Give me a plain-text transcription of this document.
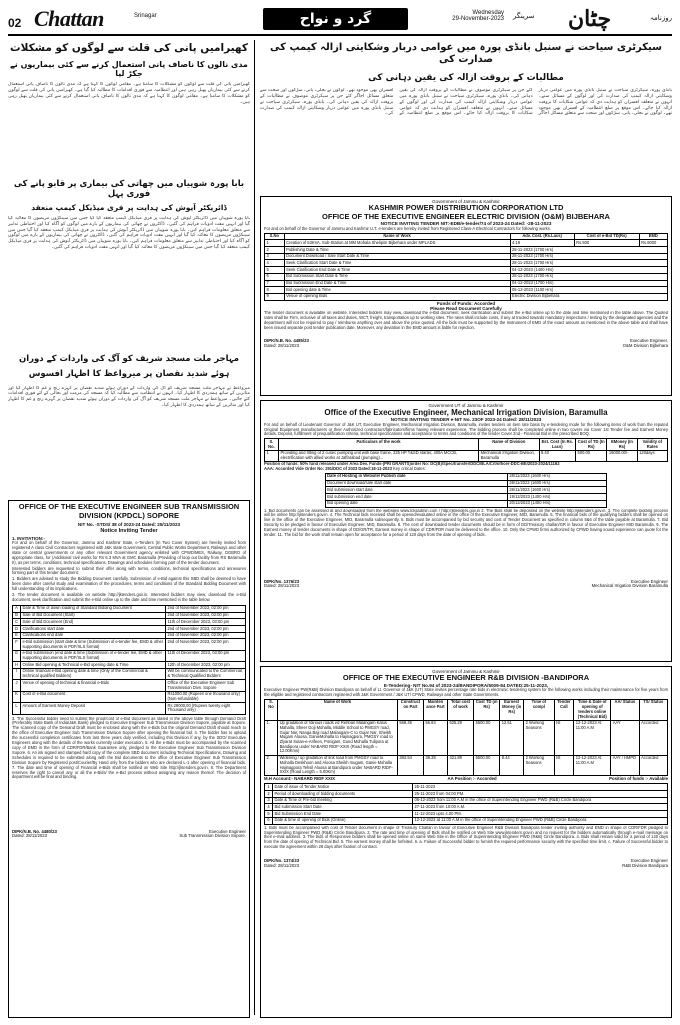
02 Chattan	Srinagar	گرد و نواح	Wednesday
29-November-2023 سرینگر چٹان	روزنامہ
کھیرامیں پانی کی قلت سے لوگوں کو مشکلات
مدی نالوں کا ناصاف پانی استعمال کرنے سے کئی بیماریوں نے جکڑ لیا
کھیرامیں پانی کی قلت سے لوگوں کو مشکلات کا سامنا ہے۔ مقامی لوگوں کا کہنا ہے کہ مدی نالوں کا ناصاف پانی استعمال کرنے سے کئی بیماریاں پھیل رہی ہیں اور انتظامیہ سے فوری اقدامات کا مطالبہ کیا گیا ہے۔ کھیرامیں پانی کی قلت سے لوگوں کو مشکلات کا سامنا ہے۔ مقامی لوگوں کا کہنا ہے کہ مدی نالوں کا ناصاف پانی استعمال کرنے سے کئی بیماریاں پھیل رہی ہیں۔
بابا پورہ شوپیاں میں چھاتی کی بیماری پر قابو پانے کی فوری پہل
ڈائریکٹر آیوش کی ہدایت پر فری میڈیکل کیمپ منعقد
بابا پورہ شوپیاں میں ڈائریکٹر آیوش کی ہدایت پر فری میڈیکل کیمپ منعقد کیا گیا جس میں سینکڑوں مریضوں کا معائنہ کیا گیا اور انہیں مفت ادویات فراہم کی گئیں۔ ڈاکٹروں نے چھاتی کی بیماریوں کے بارے میں لوگوں کو آگاہ کیا اور احتیاطی تدابیر سے متعلق معلومات فراہم کیں۔ بابا پورہ شوپیاں میں ڈائریکٹر آیوش کی ہدایت پر فری میڈیکل کیمپ منعقد کیا گیا جس میں سینکڑوں مریضوں کا معائنہ کیا گیا اور انہیں مفت ادویات فراہم کی گئیں۔ ڈاکٹروں نے چھاتی کی بیماریوں کے بارے میں لوگوں کو آگاہ کیا اور احتیاطی تدابیر سے متعلق معلومات فراہم کیں۔ بابا پورہ شوپیاں میں ڈائریکٹر آیوش کی ہدایت پر فری میڈیکل کیمپ منعقد کیا گیا جس میں سینکڑوں مریضوں کا معائنہ کیا گیا اور انہیں مفت ادویات فراہم کی گئیں۔
مہاجر ملت مسجد شریف کو آگ کی واردات کے دوران
ہوئے شدید نقصان پر میرواعظ کا اظہار افسوس
میرواعظ نے مہاجر ملت مسجد شریف کو آگ کی واردات کے دوران ہوئے شدید نقصان پر گہرے رنج و غم کا اظہار کیا اور متاثرین کے ساتھ ہمدردی کا اظہار کیا۔ انہوں نے انتظامیہ سے مطالبہ کیا کہ مسجد کی مرمت اور بحالی کے لئے فوری اقدامات کئے جائیں۔ میرواعظ نے مہاجر ملت مسجد شریف کو آگ کی واردات کے دوران ہوئے شدید نقصان پر گہرے رنج و غم کا اظہار کیا اور متاثرین کے ساتھ ہمدردی کا اظہار کیا۔
OFFICE OF THE EXECUTIVE ENGINEER SUB TRANSMISSION DIVISION (KPDCL) SOPORE
NIT No. -STDS/ 38 of 2023-24 Dated: 25/11/2023
Notice Inviting Tender
1. INVITATION:-
For and on behalf of the Governor, Jammu and Kashmir State, e-Tenders (In Two Cover System) are hereby invited from registered A class Civil Contractors registered with J&K state Government, Central Public Works Department, Railways and other state or central governments or any other relevant Government agency enlisted with CPWD/MES, Railway, DGBRO of appropriate class, for (Additional civil works for Rs 6.3 MVA at GMC Baramulla (Providing of loop out facility from RS Baramulla II), as per terms, conditions, technical specifications, Drawings and schedules forming part of the tender document.
Interested bidders are requested to submit their offer along with terms, conditions, technical specifications and annexures forming part of this tender document:
1. Bidders are advised to study the Bidding Document carefully. Submission of e-Bid against this SBD shall be deemed to have been done after careful study and examination of the procedures, terms and conditions of the Standard Bidding Document with full understanding of its implications.
2. The tender document is available on website http://jktenders.gov.in. Interested bidders may view, download the e-Bid document, seek clarification and submit the e-Bid online up to the date and time mentioned in the table below.
A	Date & Time of down loading of Standard Bidding Document	2nd of November 2023, 02:00 pm
B	Sale of Bid Document (Start)	2nd of November 2023, 02:00 pm
C	Sale of Bid Document (End)	11th of December 2023, 03:00 pm
D	Clarifications start date	2nd of November 2023, 02:00 pm
E	Clarifications end date	2nd of November 2023, 02:00 pm
F	e-Bid submission (start date & time (Submission of e-tender fee, EMD & other supporting documents in PDF/XLS format)	2nd of November 2023, 02:00 pm
G	e-Bid submission (end date & time (Submission of e-tender fee, EMD & other supporting documents in PDF/XLS format)	11th of December 2023, 03:00 pm
H	Online Bid opening & Technical e-Bid opening date & Time	12th of December 2023, 02:00 pm
I	Online financial e-Bid opening date & time (Only of the Commercial & technical qualified Bidders)	Will be communicated to the Commercial & Technical Qualified Bidders
J	Venue of opening of technical & financial e-Bids	Office of the Executive Engineer Sub Transmission Divn. Sopore
K	Cost of e-Bid document	Rs1000.00 (Rupees one thousand only) (Non-refundable)
L	Amount of Earnest Money Deposit	Rs 28000.00 (Rupees twenty eight Thousand only)
3. The Successful bidder need to submit the proof/cost of e-Bid document as stated in the above table through Demand Draft (Preferably State Bank of India/J&K Bank) pledged to Executive Engineer Sub Transmission Division Sopore, payable at Sopore. The scanned copy of the Demand Draft must be enclosed along with the e-Bids but the original Demand Draft should reach to the office of Executive Engineer Sub Transmission Division Sopore after opening the financial bid. 4. The bidder has to upload the successful completion certificates from last three years duly verified, including this Division if any, by the SDO/ Executive Engineers along with the details of the works currently under execution. 5. All the e-Bids must be accompanied by the scanned copy of EMD in the form of CDR/FDR/Bank Guarantee only, pledged to the Executive Engineer Sub Transmission Division Sopore. 6. An ink signed and stamped hard copy of the complete SBD document including Technical Specifications, Drawing and Schedules is required to be submitted along with the Bid documents to the office of Executive Engineer Sub Transmission Division Sopore by Registered post/Courier/By Hand only from the bidders who are declared L-1 after opening of financial bids. 7. The date and time of opening of Financial e-Bids shall be notified on Web Site http://jktenders.gov.in. 8. The Department reserves the right to cancel any or all the e-Bids/ the e-Bid process without assigning any reason thereof. The decision of department will be final and binding.
DIPK/N.B. No. 4480/23
Dated: 28/11/2023
Executive Engineer
Sub Transmission Division Sopore.
سیکرٹری سیاحت نے سنبل بانڈی پورہ میں عوامی دربار وشکایتی ازالہ کیمپ کی صدارت کی
مطالبات کے بروقت ازالہ کی یقین دہانی کی
بانڈی پورہ، سیکرٹری سیاحت نے سنبل بانڈی پورہ میں عوامی دربار وشکایتی ازالہ کیمپ کی صدارت کی اور لوگوں کے مسائل سنے۔ انہوں نے متعلقہ افسران کو ہدایت دی کہ عوامی شکایات کا بروقت ازالہ کیا جائے۔ اس موقع پر ضلع انتظامیہ کے افسران بھی موجود تھے۔ لوگوں نے بجلی، پانی، سڑکوں اور صحت سے متعلق مسائل اجاگر کئے جن پر سیکرٹری موصوف نے مطالبات کے بروقت ازالہ کی یقین دہانی کی۔ بانڈی پورہ، سیکرٹری سیاحت نے سنبل بانڈی پورہ میں عوامی دربار وشکایتی ازالہ کیمپ کی صدارت کی اور لوگوں کے مسائل سنے۔ انہوں نے متعلقہ افسران کو ہدایت دی کہ عوامی شکایات کا بروقت ازالہ کیا جائے۔ اس موقع پر ضلع انتظامیہ کے افسران بھی موجود تھے۔ لوگوں نے بجلی، پانی، سڑکوں اور صحت سے متعلق مسائل اجاگر کئے جن پر سیکرٹری موصوف نے مطالبات کے بروقت ازالہ کی یقین دہانی کی۔ بانڈی پورہ، سیکرٹری سیاحت نے سنبل بانڈی پورہ میں عوامی دربار وشکایتی ازالہ کیمپ کی صدارت کی۔
Government of Jammu & Kashmir
KASHMIR POWER DISTRIBUTION CORPORATION LTD
OFFICE OF THE EXECUTIVE ENGINEER ELECTRIC DIVISION (O&M) BIJBEHARA
NOTICE INVITING TENDER NIT:-EDB/e-tender/74 of 2023-24 Dated: -28-11-2023
For and on behalf of the Governor of Jammu and Kashmir U.T. e-tenders are hereby invited from Registered Class-A Electrical Contractors for following works.
S.No	Name of Work	Adv. Cost. (Rs.Lacs)	Cost of e-Bid TD(Rs)	EMD
1	Creation of 63KVA. Sub-Station at MM Mohala Shelipim Bijbehara under MPLADS	4.19	Rs.500	Rs.8000
2	Publishing Date & Time	28-11-2023 (1700 Hrs)		
3	Document Download / Sale Start Date & Time	28-11-2023 (1700 Hrs)		
4	Seek Clarification Start Date & Time	28-11-2023 (1700 Hrs)		
5	Seek Clarification End Date & Time	04-12-2023 (1400 Hrs)		
6	Bid Submission Start Date & Time	28-11-2023 (1700 Hrs)		
7	Bid Submission End Date & Time	04-12-2023 (1700 Hrs)		
8	Bid opening date & Time	05-12-2023 (1100 Hrs)		
9	Venue of opening Bids	Electric Division Bijbehara		
Funds of Funds: Accorded
Please Read Document Carefully
The tender document is available on website. Interested bidders may view, download the e-Bid document, seek clarification and submit the e-Bid online up to the date and time mentioned in the table above. The Quoted rates shall be Firm, inclusive of all taxes and duties, WCT, freight, transportation up to working sites. The rates shall include costs, if any at tracted towards mandatory inspections / testing by the designated agencies and the department will not be required to pay / reimburse anything over and above the price quoted. All the bids must be supported by the Instrument of EMD of the exact amount as mentioned in the above table and shall have been issued separate post tender publication date. Moreover, any deviation in the EMD amount is liable for rejection.
DIPK/N.B. No. 4485/23
Dated: 28/11/2023
Executive Engineer,
O&M Division Bijbehara
Government UT of Jammu & Kashmir
Office of the Executive Engineer, Mechanical Irrigation Division, Baramulla
NOTICE INVITING TENDER e-NIT No. 23OF 2023-24 Dated: 28/11/2023
For and on behalf of Lieutenant Governor of J&K UT, Executive Engineer, Mechanical Irrigation Division, Baramulla, invites tenders on item rate basis by e-tendering mode for the following items of work from the reputed Original Equipment manufacturers or their Authorized contractors/fabricators/firms having relevant experience. The bidding process shall be completed online in two covers via Cover 1st Tender fee and Earnest Money details. Deposit, fulfillment of prequalification criteria, technical specifications and acceptance to terms and conditions of the tender Cover 2nd - Financial Bid in the prescribed BOQ.
S. No.	Particulars of the work	Name of Division	Est. Cost (In Rs. Lacs)	Cost of TD (In Rs)	EMoney (In Rs)	Validity of Rates
1	Providing and fitting of 2 cusec pumping unit with base frame, 225 HP T&SD starter, 400A MCCB, electrification with allied works at Jaffarabad (pumping)...	Mechanical Irrigation Division, Baramulla	9.40	500.00	19000.00/-	120days
Position of funds: 50% fund released under Area Dev. Funds-(PRI GRANTS)order No: DC(B)/Spec/transfer/DDC/BLA/Crt/officer-DDC-BE/2023-2024/11162
AAA: Accorded Vide Order No: 291/DDC of 2023 Dated:18-11-2023 Key critical Dates:
Date of Hosting in Website/ Publish date	28/11/2023 (1600 Hrs)
Document download/sale start date	28/11/2023 (1600 Hrs)
Bid submission start date	28/11/2023 (1600 Hrs)
Bid submission end date	19/12/2023 (1400 Hrs)
Bid opening date	20/12/2023 (1400 Hrs)
1. Bid documents can be assessed at and downloaded from the websites www.tcksadmin.com / http://jktenders.gov.in 2. The Bids shall be deposited on the website http://jktenders.gov.in. 3. The complete bidding process will be online http://jktenders.gov.in. 4. The Technical bids received shall be opened/evaluated online in the office of the Executive Engineer, MID, Baramulla. 5. The financial bids of the qualifying bidders shall be opened on line in the office of the Executive Engineer, MID, Baramulla subsequently. 6. Bids must be accompanied by bid security and cost of Tender Document as specified in column 5&6 of the table payable at Baramulla. 7. Bid Security to be pledged in favour of Executive Engineer, MID, Baramulla. 8. The cost of downloaded tender documents should be in form of DD/Treasury challan/GR in favour of Executive Engineer MID Baramulla. 9. The Earnest money of tender documents in shape of DD/GR/TR, Earnest money in shape of CDR/FDR must be delivered to the office. 10. Only the CPWD firms authorized by CPWD having sound experience can quote for the tender. 11. The bid for the work shall remain open for acceptance for a period of 120 days from the date of opening of bids.
DIPK/No. 1376/23
Dated: 28/11/2023
Executive Engineer
Mechanical Irrigation Division Baramulla
Government of Jammu & Kashmir
OFFICE OF THE EXECUTIVE ENGINEER R&B DIVISION -BANDIPORA
E-Tendering- NIT No.94 of 2023-24/BANDIPORA/5009-84 DATED:25-11-2023,
Executive Engineer PW(R&B) Division Bandipora on behalf of Lt. Governor of J&K (UT) State invites percentage rate bids in electronic tendering system for the following works including their maintenance for five years from the eligible and registered contractors registered with J&K Government / J&K UT/ CPWD, Railways and other State Governments.
S. No	Name of Work	Construct on Part	Mainten ance Part	Total cost of work	Cost TD (in Rs)	Earnest Money (in Rs)	Time of compl	Tender Call	Time & Date of opening of tenders online (Technical Bid)	AA/ Status	TS/ Status
1.	Up gradation of Various roads viz Rehbari Malangam Kalus Mahalla, Sheer Goji Mohalla, Middle School to PMGSY road, Gujar Nar, Nanga Baji road Malangam-C to Gujar Nar, Sheikh Mugam Aloosa, GanieMohalla to Hajinagpora, PMGSY road to Zlyarat Sutan-e-Arifeen, Ponigam, Gund Mohalla Tulipora at Bandipora under NABARD RIDF-XXIX (Road length = 12.00Kms)	568.45	56.84	625.29	6500.00	12.51	2 Working Seasons	Ist	12-12-2023 At 11:00 A.M	AAY	Accorded
2.	Widening / up gradation of link road from PMGSY road to Mohalla Deskhoon and Aloosa Sheikh mugam, Ganie Mohalla Hajinagpora Tehsil Aloosa at Bandipora under NABARD RIDF-XXIX (Road Length = 5.00Km)	383.54	38.35	421.89	5500.00	8.44	2 Working Seasons	Ist	12-12-2023 At 11:00 A.M	AAY / HMPD	Accorded
M.H Account:- NABARD RIDF XXIX	AA Position :- Accorded	Position of funds :- Available
1	Date of issue of Tender Notice	25-11-2023
2	Period of downloading of bidding documents	25-11-2023 from 04:00 PM.
3	Date & Time of Pre-bid meeting	06-12-2023 from 11:00 A.M in the office of Superintending Engineer PWD (R&B) Circle Bandipora
4	Bid submission Start Date	27-11-2023 from 10:00 A.M.
5	Bid Submission End Date	11-12-2023 upto 4.00 PM.
6	Date & time of opening of Bids (Online)	12-12-2023 at 11:00 A.M in the office of Superintending Engineer PWD (R&B) Circle Bandipora
1. Bids must be accompanied with cost of Tender document in shape of Treasury Challan in favour of Executive Engineer R&B Division Bandipora tender inviting authority and EMD in shape of CDR/FDR pledged to Superintending Engineer PWD (R&B) Circle Bandipora. 2. The rate and time of opening of Bids shall be notified on Web Site www.jktenders.gov.in and no request for the bidders automatically through e-mail message on their e-mail address. 3. The bids of Responsive bidders shall be opened online on same Web Site in the Office of Superintending Engineer PWD (R&B) Circle Bandipora. 4. Bids shall remain valid for a period of 120 days from the date of opening of Technical Bid. 5. The earnest money shall be forfeited. 6. a. Failure of Successful bidder to furnish the required performance security with the specified time limit. c. Failure of Successful bidder to execute the agreement within 28 days after fixation of contract.
DIPK/No. 1374/23
Dated: 28/11/2023
Executive Engineer
R&B Division Bandipora
